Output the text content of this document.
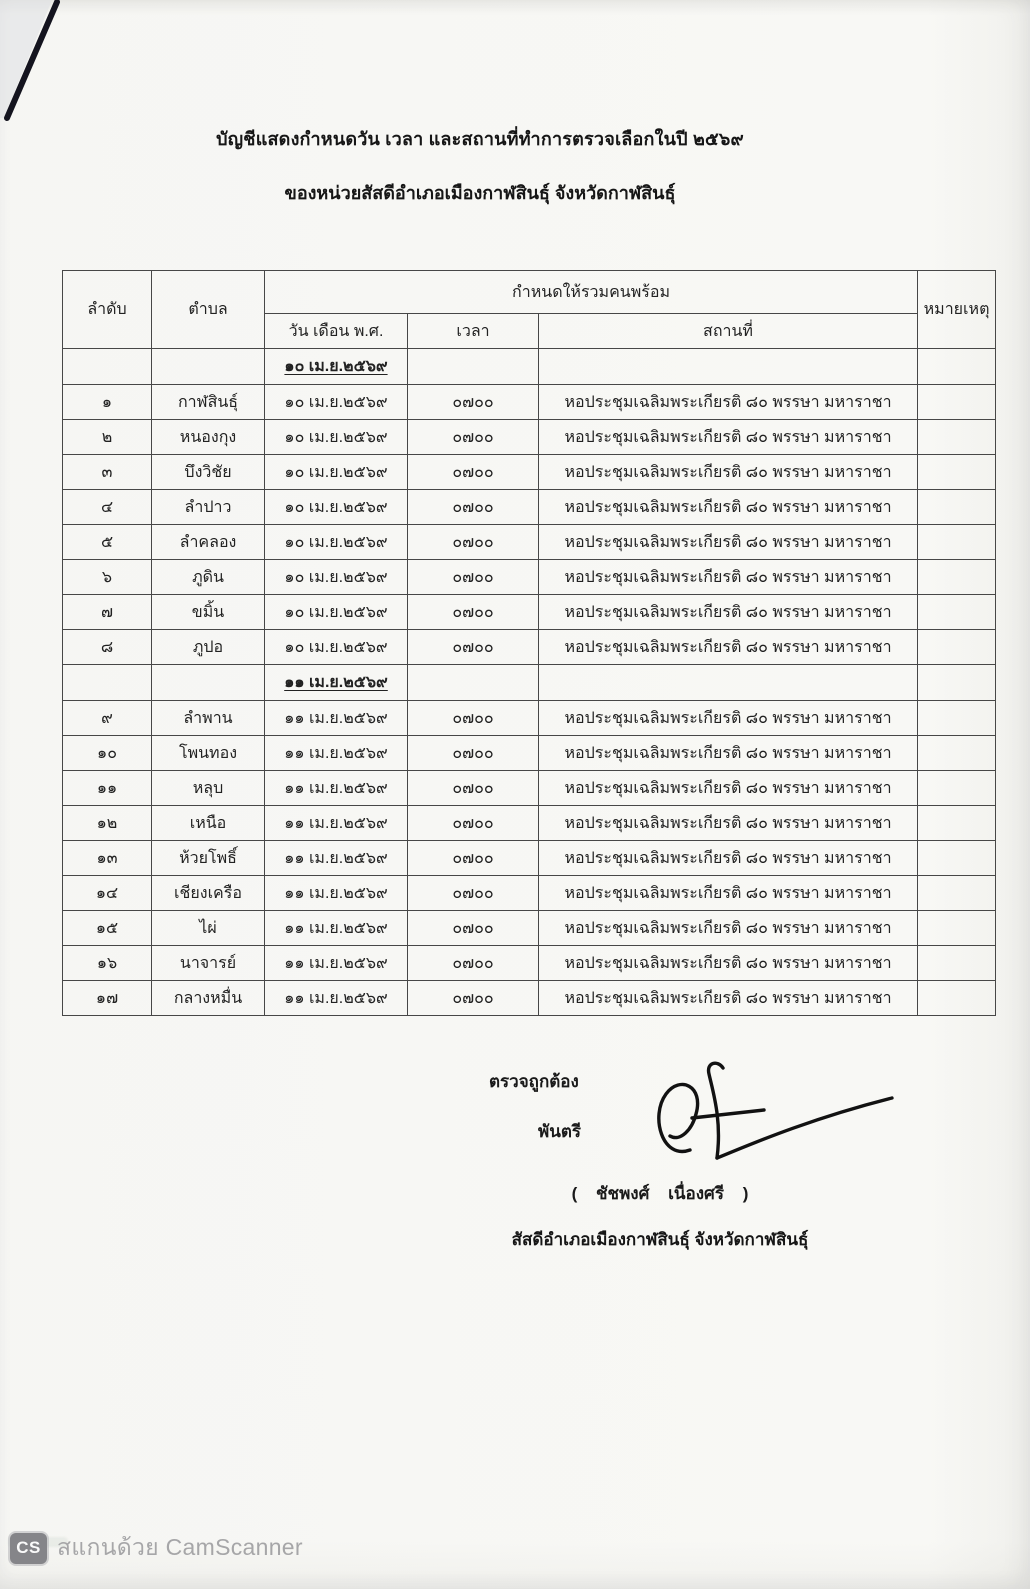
บัญชีแสดงกำหนดวัน เวลา และสถานที่ทำการตรวจเลือกในปี ๒๕๖๙
ของหน่วยสัสดีอำเภอเมืองกาฬสินธุ์ จังหวัดกาฬสินธุ์
ลำดับ	ตำบล	กำหนดให้รวมคนพร้อม			หมายเหตุ
		วัน เดือน พ.ศ.	เวลา	สถานที่	
		๑๐ เม.ย.๒๕๖๙			
๑	กาฬสินธุ์	๑๐ เม.ย.๒๕๖๙	๐๗๐๐	หอประชุมเฉลิมพระเกียรติ ๘๐ พรรษา มหาราชา	
๒	หนองกุง	๑๐ เม.ย.๒๕๖๙	๐๗๐๐	หอประชุมเฉลิมพระเกียรติ ๘๐ พรรษา มหาราชา	
๓	บึงวิชัย	๑๐ เม.ย.๒๕๖๙	๐๗๐๐	หอประชุมเฉลิมพระเกียรติ ๘๐ พรรษา มหาราชา	
๔	ลำปาว	๑๐ เม.ย.๒๕๖๙	๐๗๐๐	หอประชุมเฉลิมพระเกียรติ ๘๐ พรรษา มหาราชา	
๕	ลำคลอง	๑๐ เม.ย.๒๕๖๙	๐๗๐๐	หอประชุมเฉลิมพระเกียรติ ๘๐ พรรษา มหาราชา	
๖	ภูดิน	๑๐ เม.ย.๒๕๖๙	๐๗๐๐	หอประชุมเฉลิมพระเกียรติ ๘๐ พรรษา มหาราชา	
๗	ขมิ้น	๑๐ เม.ย.๒๕๖๙	๐๗๐๐	หอประชุมเฉลิมพระเกียรติ ๘๐ พรรษา มหาราชา	
๘	ภูปอ	๑๐ เม.ย.๒๕๖๙	๐๗๐๐	หอประชุมเฉลิมพระเกียรติ ๘๐ พรรษา มหาราชา	
		๑๑ เม.ย.๒๕๖๙			
๙	ลำพาน	๑๑ เม.ย.๒๕๖๙	๐๗๐๐	หอประชุมเฉลิมพระเกียรติ ๘๐ พรรษา มหาราชา	
๑๐	โพนทอง	๑๑ เม.ย.๒๕๖๙	๐๗๐๐	หอประชุมเฉลิมพระเกียรติ ๘๐ พรรษา มหาราชา	
๑๑	หลุบ	๑๑ เม.ย.๒๕๖๙	๐๗๐๐	หอประชุมเฉลิมพระเกียรติ ๘๐ พรรษา มหาราชา	
๑๒	เหนือ	๑๑ เม.ย.๒๕๖๙	๐๗๐๐	หอประชุมเฉลิมพระเกียรติ ๘๐ พรรษา มหาราชา	
๑๓	ห้วยโพธิ์	๑๑ เม.ย.๒๕๖๙	๐๗๐๐	หอประชุมเฉลิมพระเกียรติ ๘๐ พรรษา มหาราชา	
๑๔	เชียงเครือ	๑๑ เม.ย.๒๕๖๙	๐๗๐๐	หอประชุมเฉลิมพระเกียรติ ๘๐ พรรษา มหาราชา	
๑๕	ไผ่	๑๑ เม.ย.๒๕๖๙	๐๗๐๐	หอประชุมเฉลิมพระเกียรติ ๘๐ พรรษา มหาราชา	
๑๖	นาจารย์	๑๑ เม.ย.๒๕๖๙	๐๗๐๐	หอประชุมเฉลิมพระเกียรติ ๘๐ พรรษา มหาราชา	
๑๗	กลางหมื่น	๑๑ เม.ย.๒๕๖๙	๐๗๐๐	หอประชุมเฉลิมพระเกียรติ ๘๐ พรรษา มหาราชา	
ตรวจถูกต้อง
พันตรี
( ชัชพงศ์ เนื่องศรี )
สัสดีอำเภอเมืองกาฬสินธุ์ จังหวัดกาฬสินธุ์
CS สแกนด้วย CamScanner
